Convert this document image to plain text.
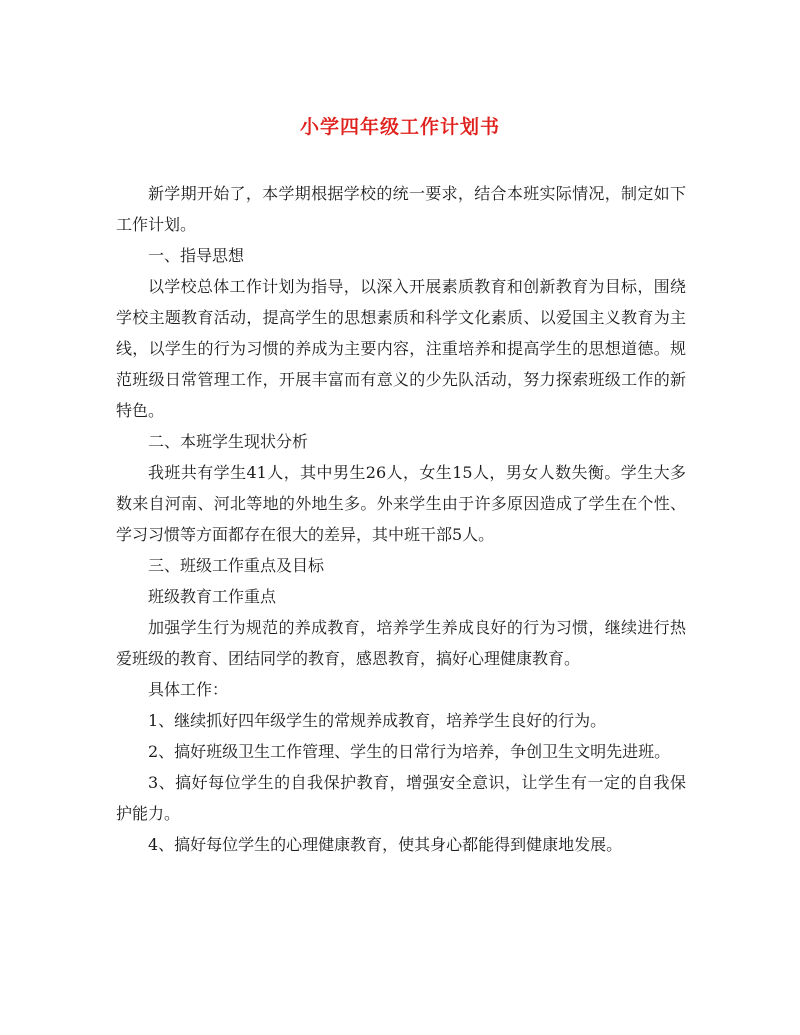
小学四年级工作计划书

新学期开始了，本学期根据学校的统一要求，结合本班实际情况，制定如下工作计划。

一、指导思想

以学校总体工作计划为指导，以深入开展素质教育和创新教育为目标，围绕学校主题教育活动，提高学生的思想素质和科学文化素质、以爱国主义教育为主线，以学生的行为习惯的养成为主要内容，注重培养和提高学生的思想道德。规范班级日常管理工作，开展丰富而有意义的少先队活动，努力探索班级工作的新特色。

二、本班学生现状分析

我班共有学生41人，其中男生26人，女生15人，男女人数失衡。学生大多数来自河南、河北等地的外地生多。外来学生由于许多原因造成了学生在个性、学习习惯等方面都存在很大的差异，其中班干部5人。

三、班级工作重点及目标

班级教育工作重点

加强学生行为规范的养成教育，培养学生养成良好的行为习惯，继续进行热爱班级的教育、团结同学的教育，感恩教育，搞好心理健康教育。

具体工作：

1、继续抓好四年级学生的常规养成教育，培养学生良好的行为。

2、搞好班级卫生工作管理、学生的日常行为培养，争创卫生文明先进班。

3、搞好每位学生的自我保护教育，增强安全意识，让学生有一定的自我保护能力。

4、搞好每位学生的心理健康教育，使其身心都能得到健康地发展。
